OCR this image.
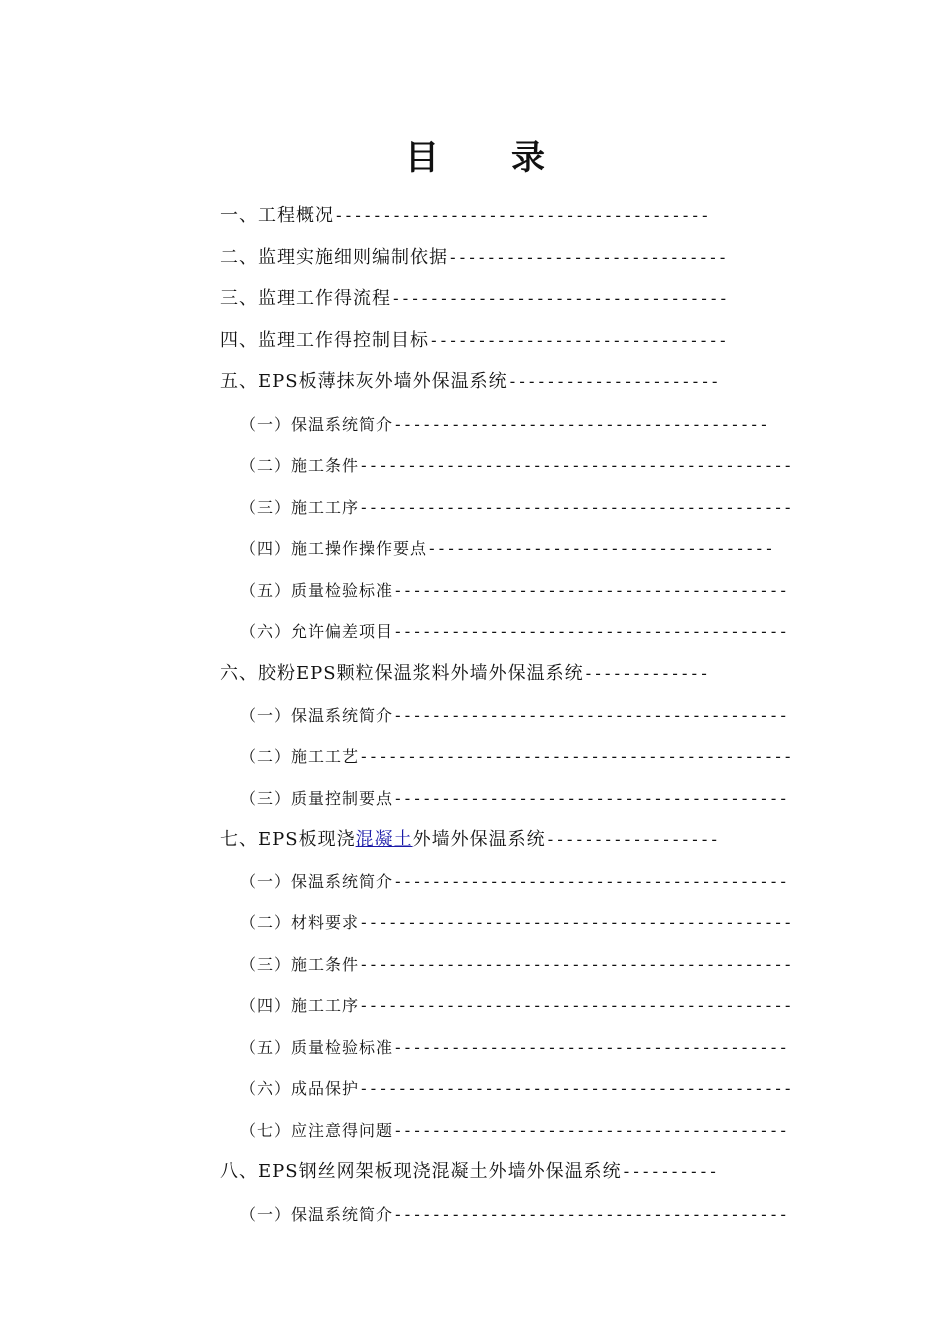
目 录
一、工程概况---------------------------------------
二、监理实施细则编制依据-----------------------------
三、监理工作得流程-----------------------------------
四、监理工作得控制目标-------------------------------
五、EPS板薄抹灰外墙外保温系统----------------------
（一）保温系统简介---------------------------------------
（二）施工条件---------------------------------------------
（三）施工工序---------------------------------------------
（四）施工操作操作要点------------------------------------
（五）质量检验标准-----------------------------------------
（六）允许偏差项目-----------------------------------------
六、胶粉EPS颗粒保温浆料外墙外保温系统-------------
（一）保温系统简介-----------------------------------------
（二）施工工艺---------------------------------------------
（三）质量控制要点-----------------------------------------
七、EPS板现浇混凝土外墙外保温系统------------------
（一）保温系统简介-----------------------------------------
（二）材料要求---------------------------------------------
（三）施工条件---------------------------------------------
（四）施工工序---------------------------------------------
（五）质量检验标准-----------------------------------------
（六）成品保护---------------------------------------------
（七）应注意得问题-----------------------------------------
八、EPS钢丝网架板现浇混凝土外墙外保温系统----------
（一）保温系统简介-----------------------------------------
